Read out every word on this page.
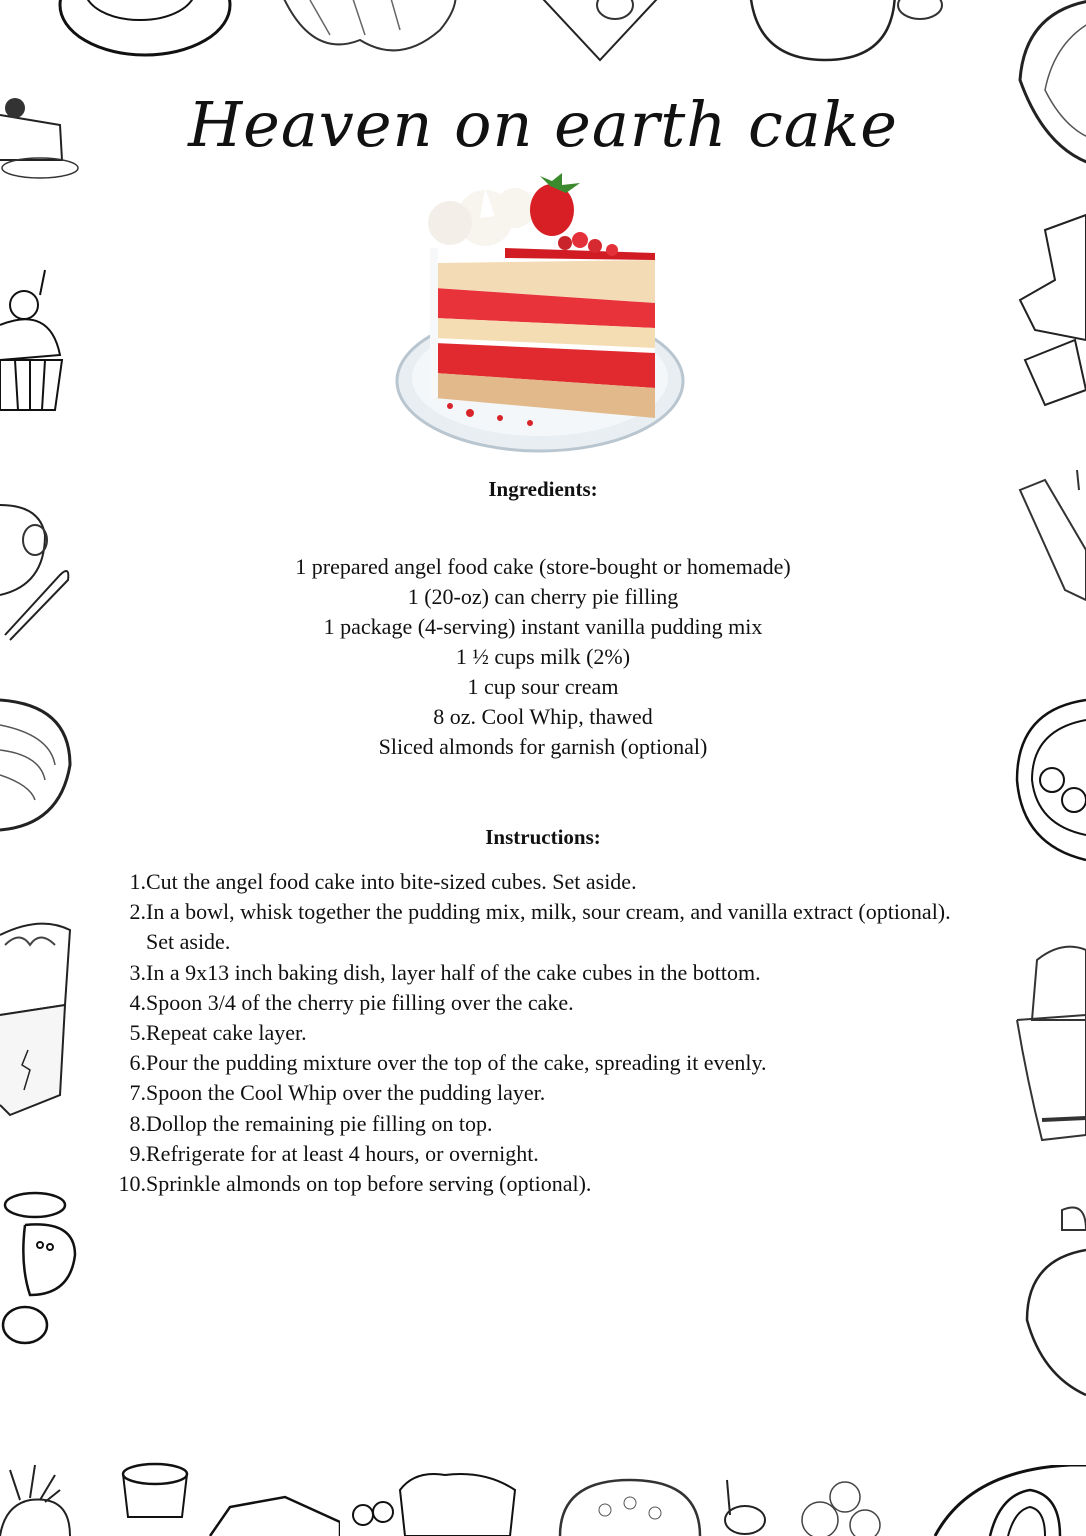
Heaven on earth cake
Ingredients:
1 prepared angel food cake (store-bought or homemade)
1 (20-oz) can cherry pie filling
1 package (4-serving) instant vanilla pudding mix
1 ½ cups milk (2%)
1 cup sour cream
8 oz. Cool Whip, thawed
Sliced almonds for garnish (optional)
Instructions:
1. Cut the angel food cake into bite-sized cubes. Set aside.
2. In a bowl, whisk together the pudding mix, milk, sour cream, and vanilla extract (optional). Set aside.
3. In a 9x13 inch baking dish, layer half of the cake cubes in the bottom.
4. Spoon 3/4 of the cherry pie filling over the cake.
5. Repeat cake layer.
6. Pour the pudding mixture over the top of the cake, spreading it evenly.
7. Spoon the Cool Whip over the pudding layer.
8. Dollop the remaining pie filling on top.
9. Refrigerate for at least 4 hours, or overnight.
10. Sprinkle almonds on top before serving (optional).
